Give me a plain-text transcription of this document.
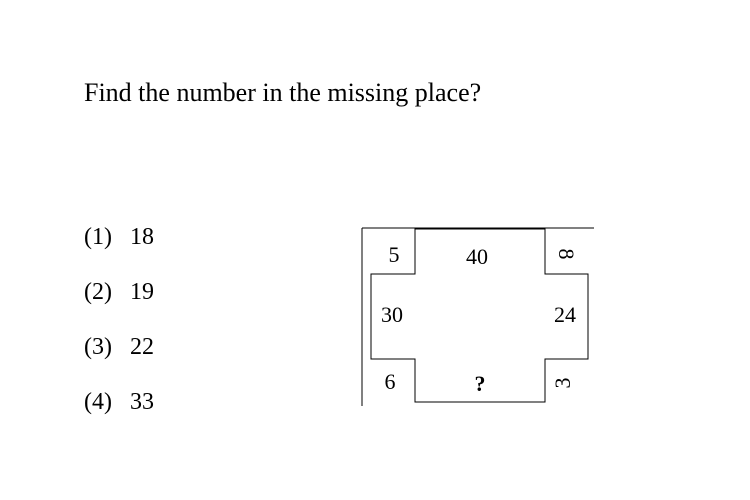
Find the number in the missing place?
(1) 18
(2) 19
(3) 22
(4) 33
5	40	8
30	24
6	?	3
